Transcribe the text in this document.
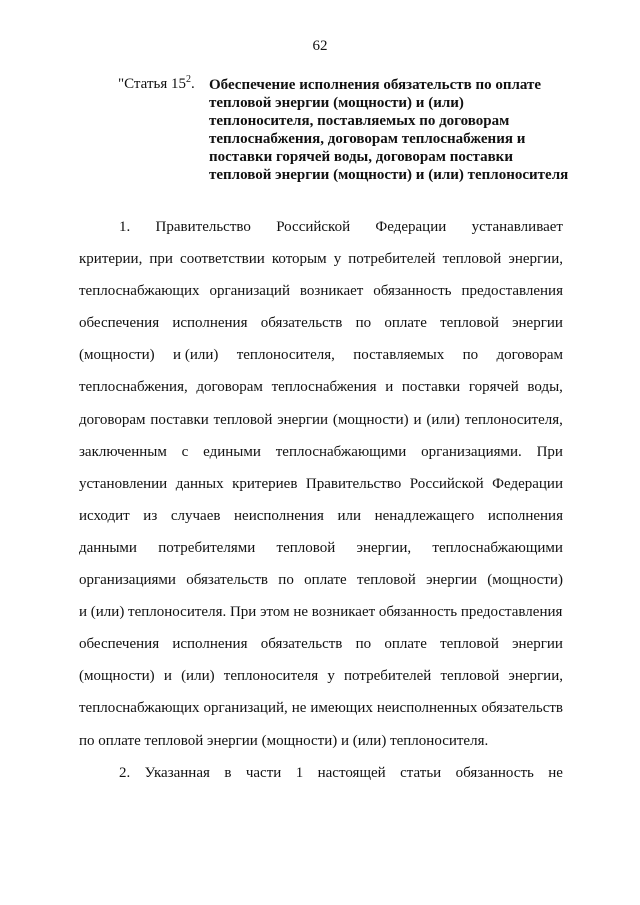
62
"Статья $15^2$. Обеспечение исполнения обязательств по оплате тепловой энергии (мощности) и (или) теплоносителя, поставляемых по договорам теплоснабжения, договорам теплоснабжения и поставки горячей воды, договорам поставки тепловой энергии (мощности) и (или) теплоносителя

1. Правительство Российской Федерации устанавливает
критерии, при соответствии которым у потребителей тепловой энергии,
теплоснабжающих организаций возникает обязанность предоставления
обеспечения исполнения обязательств по оплате тепловой энергии
(мощности) и (или) теплоносителя, поставляемых по договорам
теплоснабжения, договорам теплоснабжения и поставки горячей воды,
договорам поставки тепловой энергии (мощности) и (или) теплоносителя,
заключенным с едиными теплоснабжающими организациями. При
установлении данных критериев Правительство Российской Федерации
исходит из случаев неисполнения или ненадлежащего исполнения
данными потребителями тепловой энергии, теплоснабжающими
организациями обязательств по оплате тепловой энергии (мощности)
и (или) теплоносителя. При этом не возникает обязанность предоставления
обеспечения исполнения обязательств по оплате тепловой энергии
(мощности) и (или) теплоносителя у потребителей тепловой энергии,
теплоснабжающих организаций, не имеющих неисполненных обязательств
по оплате тепловой энергии (мощности) и (или) теплоносителя.
2. Указанная в части 1 настоящей статьи обязанность не
